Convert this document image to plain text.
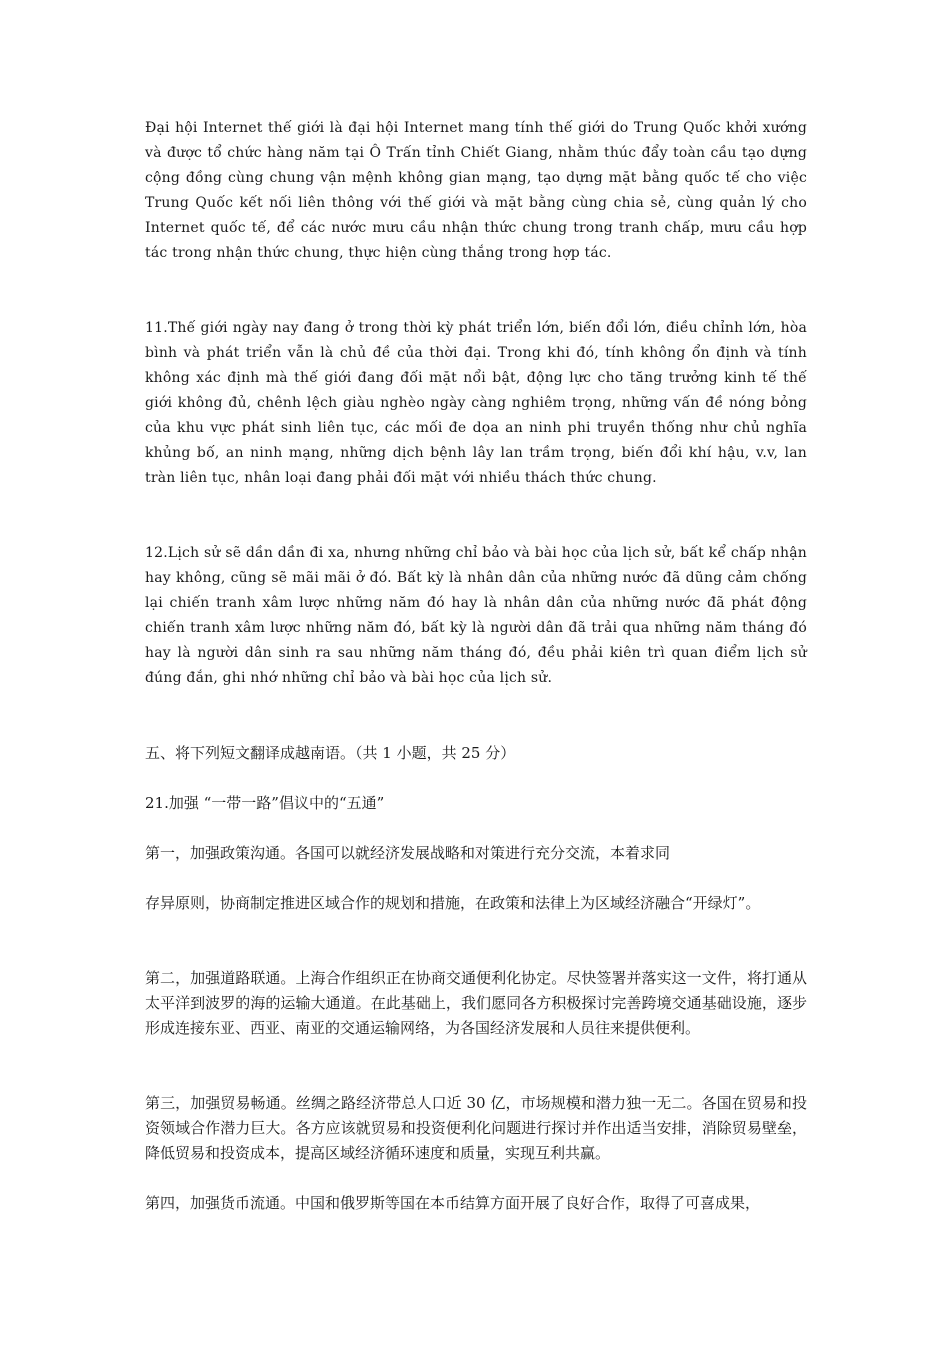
Đại hội Internet thế giới là đại hội Internet mang tính thế giới do Trung Quốc khởi xướng và được tổ chức hàng năm tại Ô Trấn tỉnh Chiết Giang, nhằm thúc đẩy toàn cầu tạo dựng cộng đồng cùng chung vận mệnh không gian mạng, tạo dựng mặt bằng quốc tế cho việc Trung Quốc kết nối liên thông với thế giới và mặt bằng cùng chia sẻ, cùng quản lý cho Internet quốc tế, để các nước mưu cầu nhận thức chung trong tranh chấp, mưu cầu hợp tác trong nhận thức chung, thực hiện cùng thắng trong hợp tác.

11.Thế giới ngày nay đang ở trong thời kỳ phát triển lớn, biến đổi lớn, điều chỉnh lớn, hòa bình và phát triển vẫn là chủ đề của thời đại. Trong khi đó, tính không ổn định và tính không xác định mà thế giới đang đối mặt nổi bật, động lực cho tăng trưởng kinh tế thế giới không đủ, chênh lệch giàu nghèo ngày càng nghiêm trọng, những vấn đề nóng bỏng của khu vực phát sinh liên tục, các mối đe dọa an ninh phi truyền thống như chủ nghĩa khủng bố, an ninh mạng, những dịch bệnh lây lan trầm trọng, biến đổi khí hậu, v.v, lan tràn liên tục, nhân loại đang phải đối mặt với nhiều thách thức chung.

12.Lịch sử sẽ dần dần đi xa, nhưng những chỉ bảo và bài học của lịch sử, bất kể chấp nhận hay không, cũng sẽ mãi mãi ở đó. Bất kỳ là nhân dân của những nước đã dũng cảm chống lại chiến tranh xâm lược những năm đó hay là nhân dân của những nước đã phát động chiến tranh xâm lược những năm đó, bất kỳ là người dân đã trải qua những năm tháng đó hay là người dân sinh ra sau những năm tháng đó, đều phải kiên trì quan điểm lịch sử đúng đắn, ghi nhớ những chỉ bảo và bài học của lịch sử.

五、将下列短文翻译成越南语。（共 1 小题，共 25 分）

21.加强 “一带一路”倡议中的“五通”

第一，加强政策沟通。各国可以就经济发展战略和对策进行充分交流，本着求同

存异原则，协商制定推进区域合作的规划和措施，在政策和法律上为区域经济融合“开绿灯”。

第二，加强道路联通。上海合作组织正在协商交通便利化协定。尽快签署并落实这一文件，将打通从太平洋到波罗的海的运输大通道。在此基础上，我们愿同各方积极探讨完善跨境交通基础设施，逐步形成连接东亚、西亚、南亚的交通运输网络，为各国经济发展和人员往来提供便利。

第三，加强贸易畅通。丝绸之路经济带总人口近 30 亿，市场规模和潜力独一无二。各国在贸易和投资领域合作潜力巨大。各方应该就贸易和投资便利化问题进行探讨并作出适当安排，消除贸易壁垒，降低贸易和投资成本，提高区域经济循环速度和质量，实现互利共赢。

第四，加强货币流通。中国和俄罗斯等国在本币结算方面开展了良好合作，取得了可喜成果，
